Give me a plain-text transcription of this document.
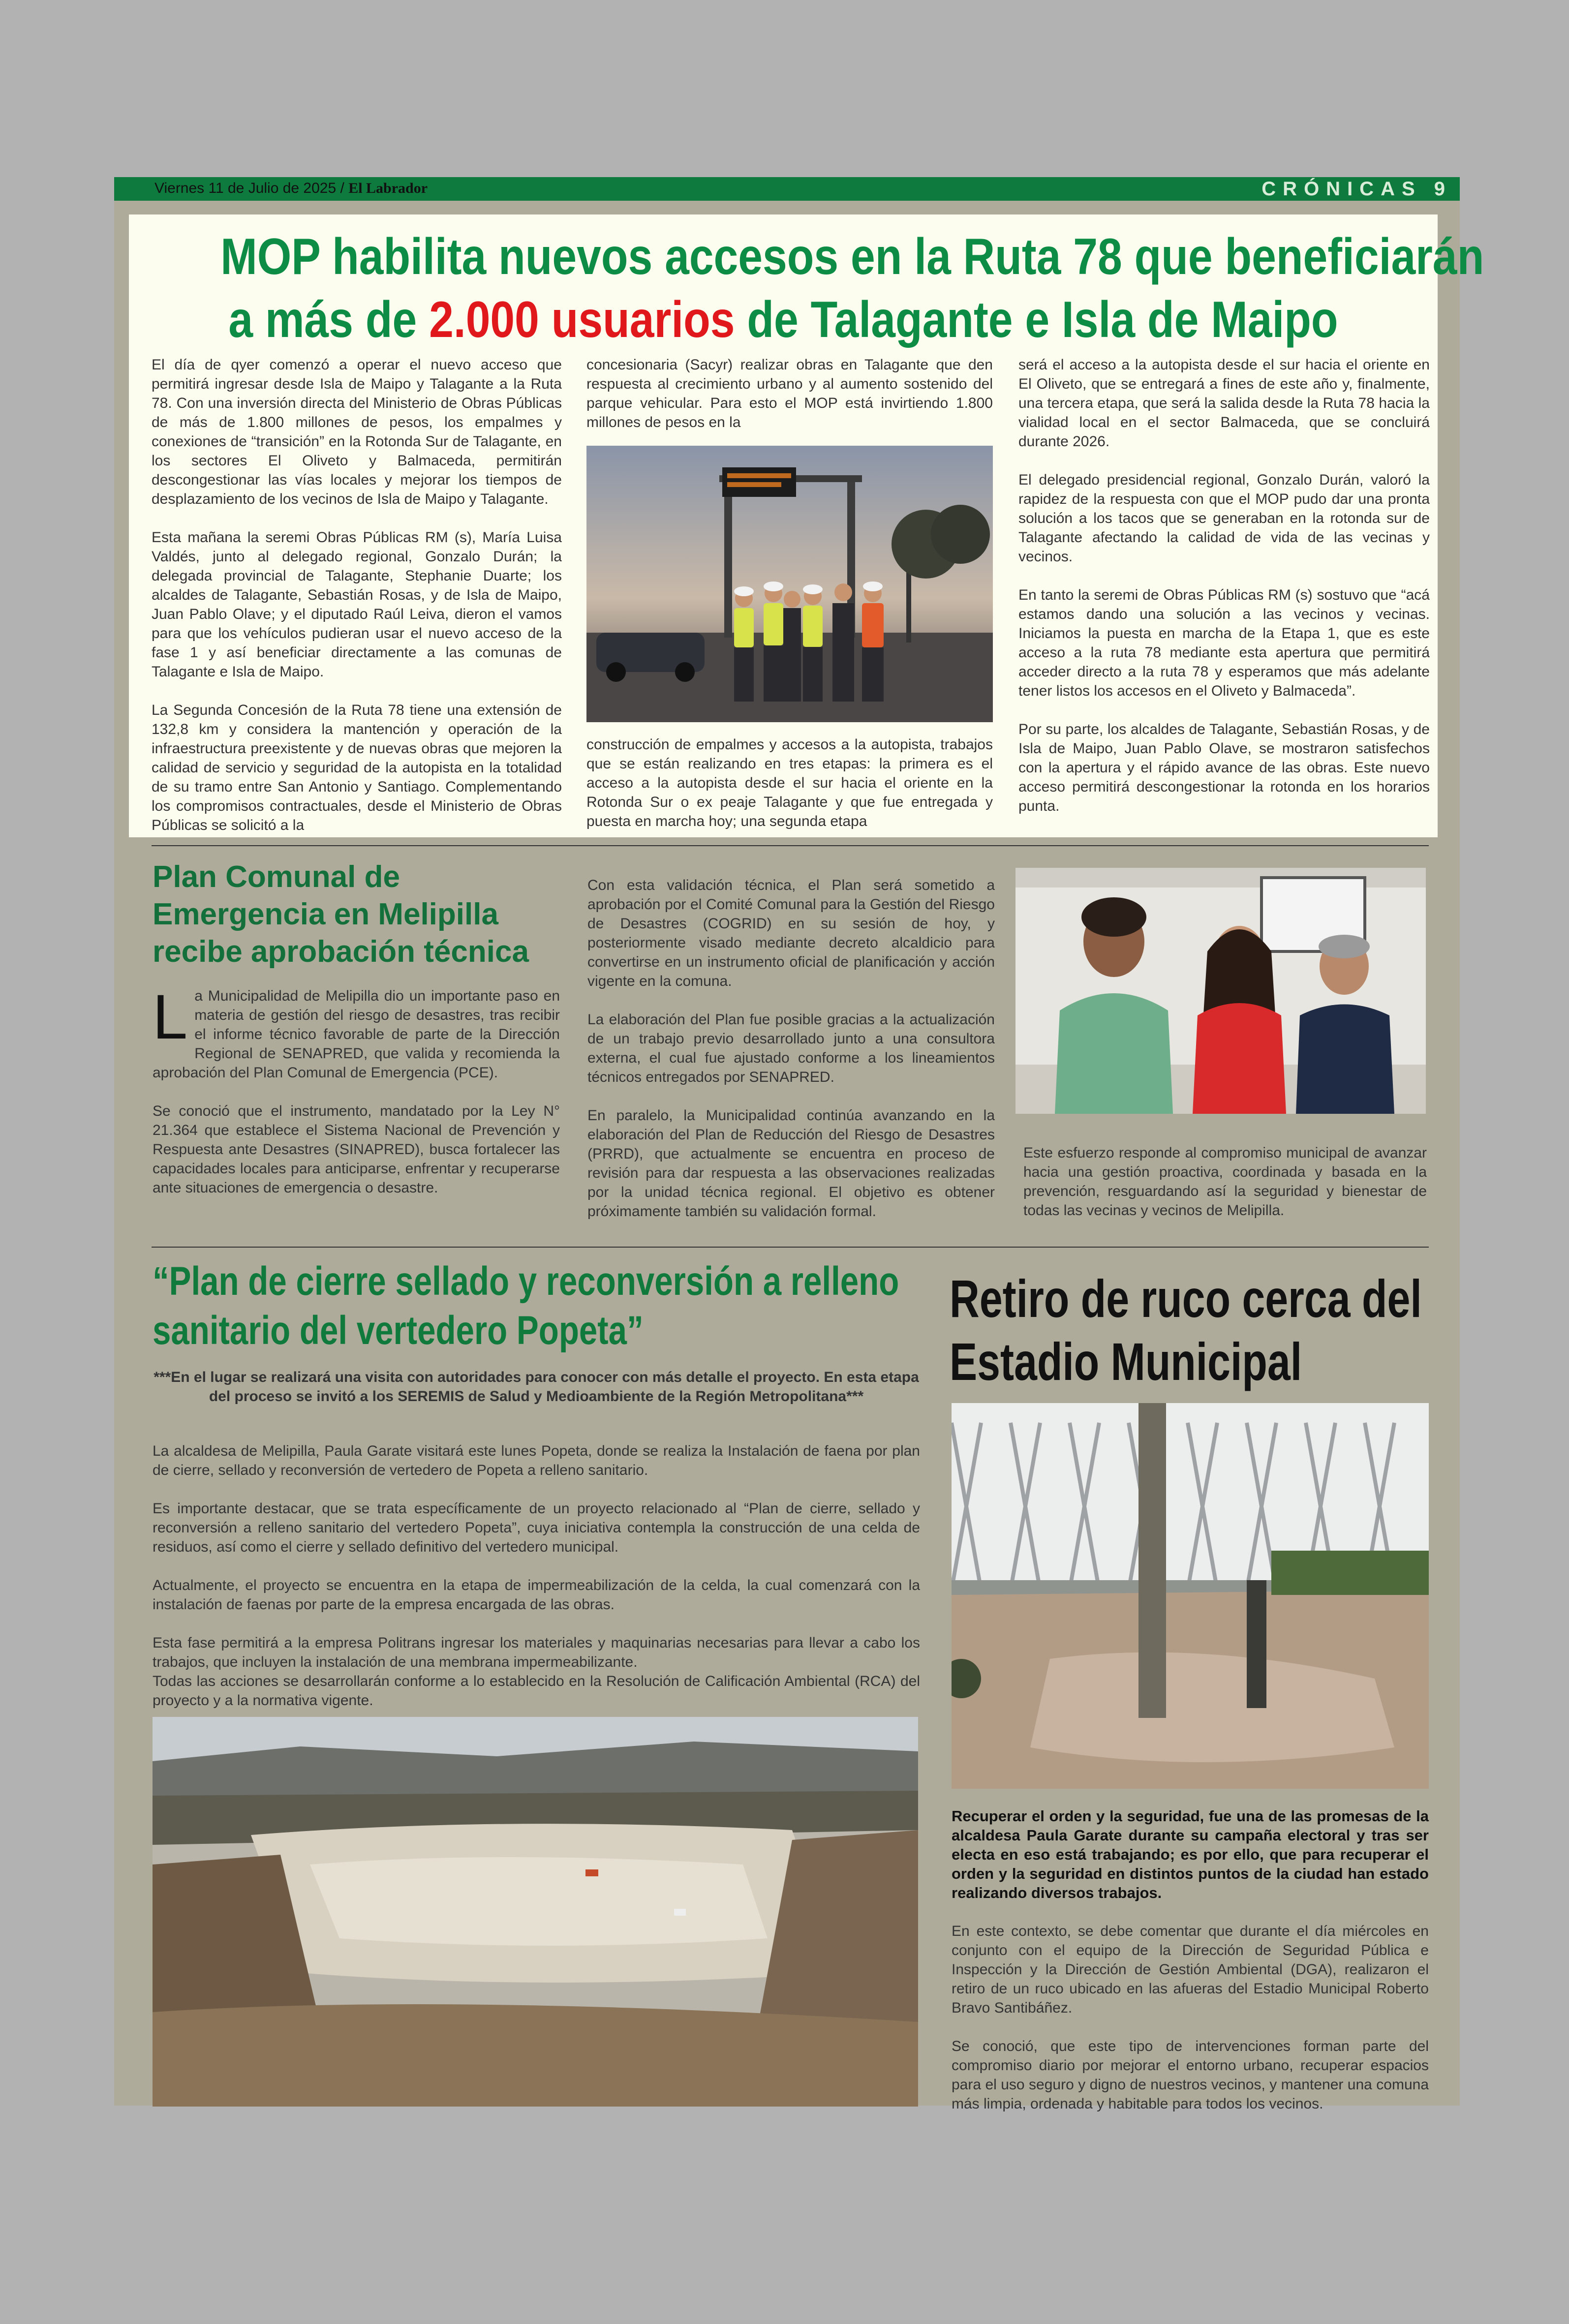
Viernes 11 de Julio de 2025 / El Labrador	CRÓNICAS 9
MOP habilita nuevos accesos en la Ruta 78 que beneficiarán
a más de 2.000 usuarios de Talagante e Isla de Maipo

El día de qyer comenzó a operar el nuevo acceso que permitirá ingresar desde Isla de Maipo y Talagante a la Ruta 78. Con una inversión directa del Ministerio de Obras Públicas de más de 1.800 millones de pesos, los empalmes y conexiones de “transición” en la Rotonda Sur de Talagante, en los sectores El Oliveto y Balmaceda, permitirán descongestionar las vías locales y mejorar los tiempos de desplazamiento de los vecinos de Isla de Maipo y Talagante.

Esta mañana la seremi Obras Públicas RM (s), María Luisa Valdés, junto al delegado regional, Gonzalo Durán; la delegada provincial de Talagante, Stephanie Duarte; los alcaldes de Talagante, Sebastián Rosas, y de Isla de Maipo, Juan Pablo Olave; y el diputado Raúl Leiva, dieron el vamos para que los vehículos pudieran usar el nuevo acceso de la fase 1 y así beneficiar directamente a las comunas de Talagante e Isla de Maipo.

La Segunda Concesión de la Ruta 78 tiene una extensión de 132,8 km y considera la mantención y operación de la infraestructura preexistente y de nuevas obras que mejoren la calidad de servicio y seguridad de la autopista en la totalidad de su tramo entre San Antonio y Santiago. Complementando los compromisos contractuales, desde el Ministerio de Obras Públicas se solicitó a la

concesionaria (Sacyr) realizar obras en Talagante que den respuesta al crecimiento urbano y al aumento sostenido del parque vehicular. Para esto el MOP está invirtiendo 1.800 millones de pesos en la

construcción de empalmes y accesos a la autopista, trabajos que se están realizando en tres etapas: la primera es el acceso a la autopista desde el sur hacia el oriente en la Rotonda Sur o ex peaje Talagante y que fue entregada y puesta en marcha hoy; una segunda etapa

será el acceso a la autopista desde el sur hacia el oriente en El Oliveto, que se entregará a fines de este año y, finalmente, una tercera etapa, que será la salida desde la Ruta 78 hacia la vialidad local en el sector Balmaceda, que se concluirá durante 2026.

El delegado presidencial regional, Gonzalo Durán, valoró la rapidez de la respuesta con que el MOP pudo dar una pronta solución a los tacos que se generaban en la rotonda sur de Talagante afectando la calidad de vida de las vecinas y vecinos.

En tanto la seremi de Obras Públicas RM (s) sostuvo que “acá estamos dando una solución a las vecinos y vecinas. Iniciamos la puesta en marcha de la Etapa 1, que es este acceso a la ruta 78 mediante esta apertura que permitirá acceder directo a la ruta 78 y esperamos que más adelante tener listos los accesos en el Oliveto y Balmaceda”.

Por su parte, los alcaldes de Talagante, Sebastián Rosas, y de Isla de Maipo, Juan Pablo Olave, se mostraron satisfechos con la apertura y el rápido avance de las obras. Este nuevo acceso permitirá descongestionar la rotonda en los horarios punta.

Plan Comunal de Emergencia en Melipilla recibe aprobación técnica

La Municipalidad de Melipilla dio un importante paso en materia de gestión del riesgo de desastres, tras recibir el informe técnico favorable de parte de la Dirección Regional de SENAPRED, que valida y recomienda la aprobación del Plan Comunal de Emergencia (PCE).

Se conoció que el instrumento, mandatado por la Ley N° 21.364 que establece el Sistema Nacional de Prevención y Respuesta ante Desastres (SINAPRED), busca fortalecer las capacidades locales para anticiparse, enfrentar y recuperarse ante situaciones de emergencia o desastre.

Con esta validación técnica, el Plan será sometido a aprobación por el Comité Comunal para la Gestión del Riesgo de Desastres (COGRID) en su sesión de hoy, y posteriormente visado mediante decreto alcaldicio para convertirse en un instrumento oficial de planificación y acción vigente en la comuna.

La elaboración del Plan fue posible gracias a la actualización de un trabajo previo desarrollado junto a una consultora externa, el cual fue ajustado conforme a los lineamientos técnicos entregados por SENAPRED.

En paralelo, la Municipalidad continúa avanzando en la elaboración del Plan de Reducción del Riesgo de Desastres (PRRD), que actualmente se encuentra en proceso de revisión para dar respuesta a las observaciones realizadas por la unidad técnica regional. El objetivo es obtener próximamente también su validación formal.

Este esfuerzo responde al compromiso municipal de avanzar hacia una gestión proactiva, coordinada y basada en la prevención, resguardando así la seguridad y bienestar de todas las vecinas y vecinos de Melipilla.

“Plan de cierre sellado y reconversión a relleno
sanitario del vertedero Popeta”

***En el lugar se realizará una visita con autoridades para conocer con más detalle el proyecto. En esta etapa del proceso se invitó a los SEREMIS de Salud y Medioambiente de la Región Metropolitana***

La alcaldesa de Melipilla, Paula Garate visitará este lunes Popeta, donde se realiza la Instalación de faena por plan de cierre, sellado y reconversión de vertedero de Popeta a relleno sanitario.

Es importante destacar, que se trata específicamente de un proyecto relacionado al “Plan de cierre, sellado y reconversión a relleno sanitario del vertedero Popeta”, cuya iniciativa contempla la construcción de una celda de residuos, así como el cierre y sellado definitivo del vertedero municipal.

Actualmente, el proyecto se encuentra en la etapa de impermeabilización de la celda, la cual comenzará con la instalación de faenas por parte de la empresa encargada de las obras.

Esta fase permitirá a la empresa Politrans ingresar los materiales y maquinarias necesarias para llevar a cabo los trabajos, que incluyen la instalación de una membrana impermeabilizante.

Todas las acciones se desarrollarán conforme a lo establecido en la Resolución de Calificación Ambiental (RCA) del proyecto y a la normativa vigente.

Retiro de ruco cerca del
Estadio Municipal

Recuperar el orden y la seguridad, fue una de las promesas de la alcaldesa Paula Garate durante su campaña electoral y tras ser electa en eso está trabajando; es por ello, que para recuperar el orden y la seguridad en distintos puntos de la ciudad han estado realizando diversos trabajos.

En este contexto, se debe comentar que durante el día miércoles en conjunto con el equipo de la Dirección de Seguridad Pública e Inspección y la Dirección de Gestión Ambiental (DGA), realizaron el retiro de un ruco ubicado en las afueras del Estadio Municipal Roberto Bravo Santibáñez.

Se conoció, que este tipo de intervenciones forman parte del compromiso diario por mejorar el entorno urbano, recuperar espacios para el uso seguro y digno de nuestros vecinos, y mantener una comuna más limpia, ordenada y habitable para todos los vecinos.
